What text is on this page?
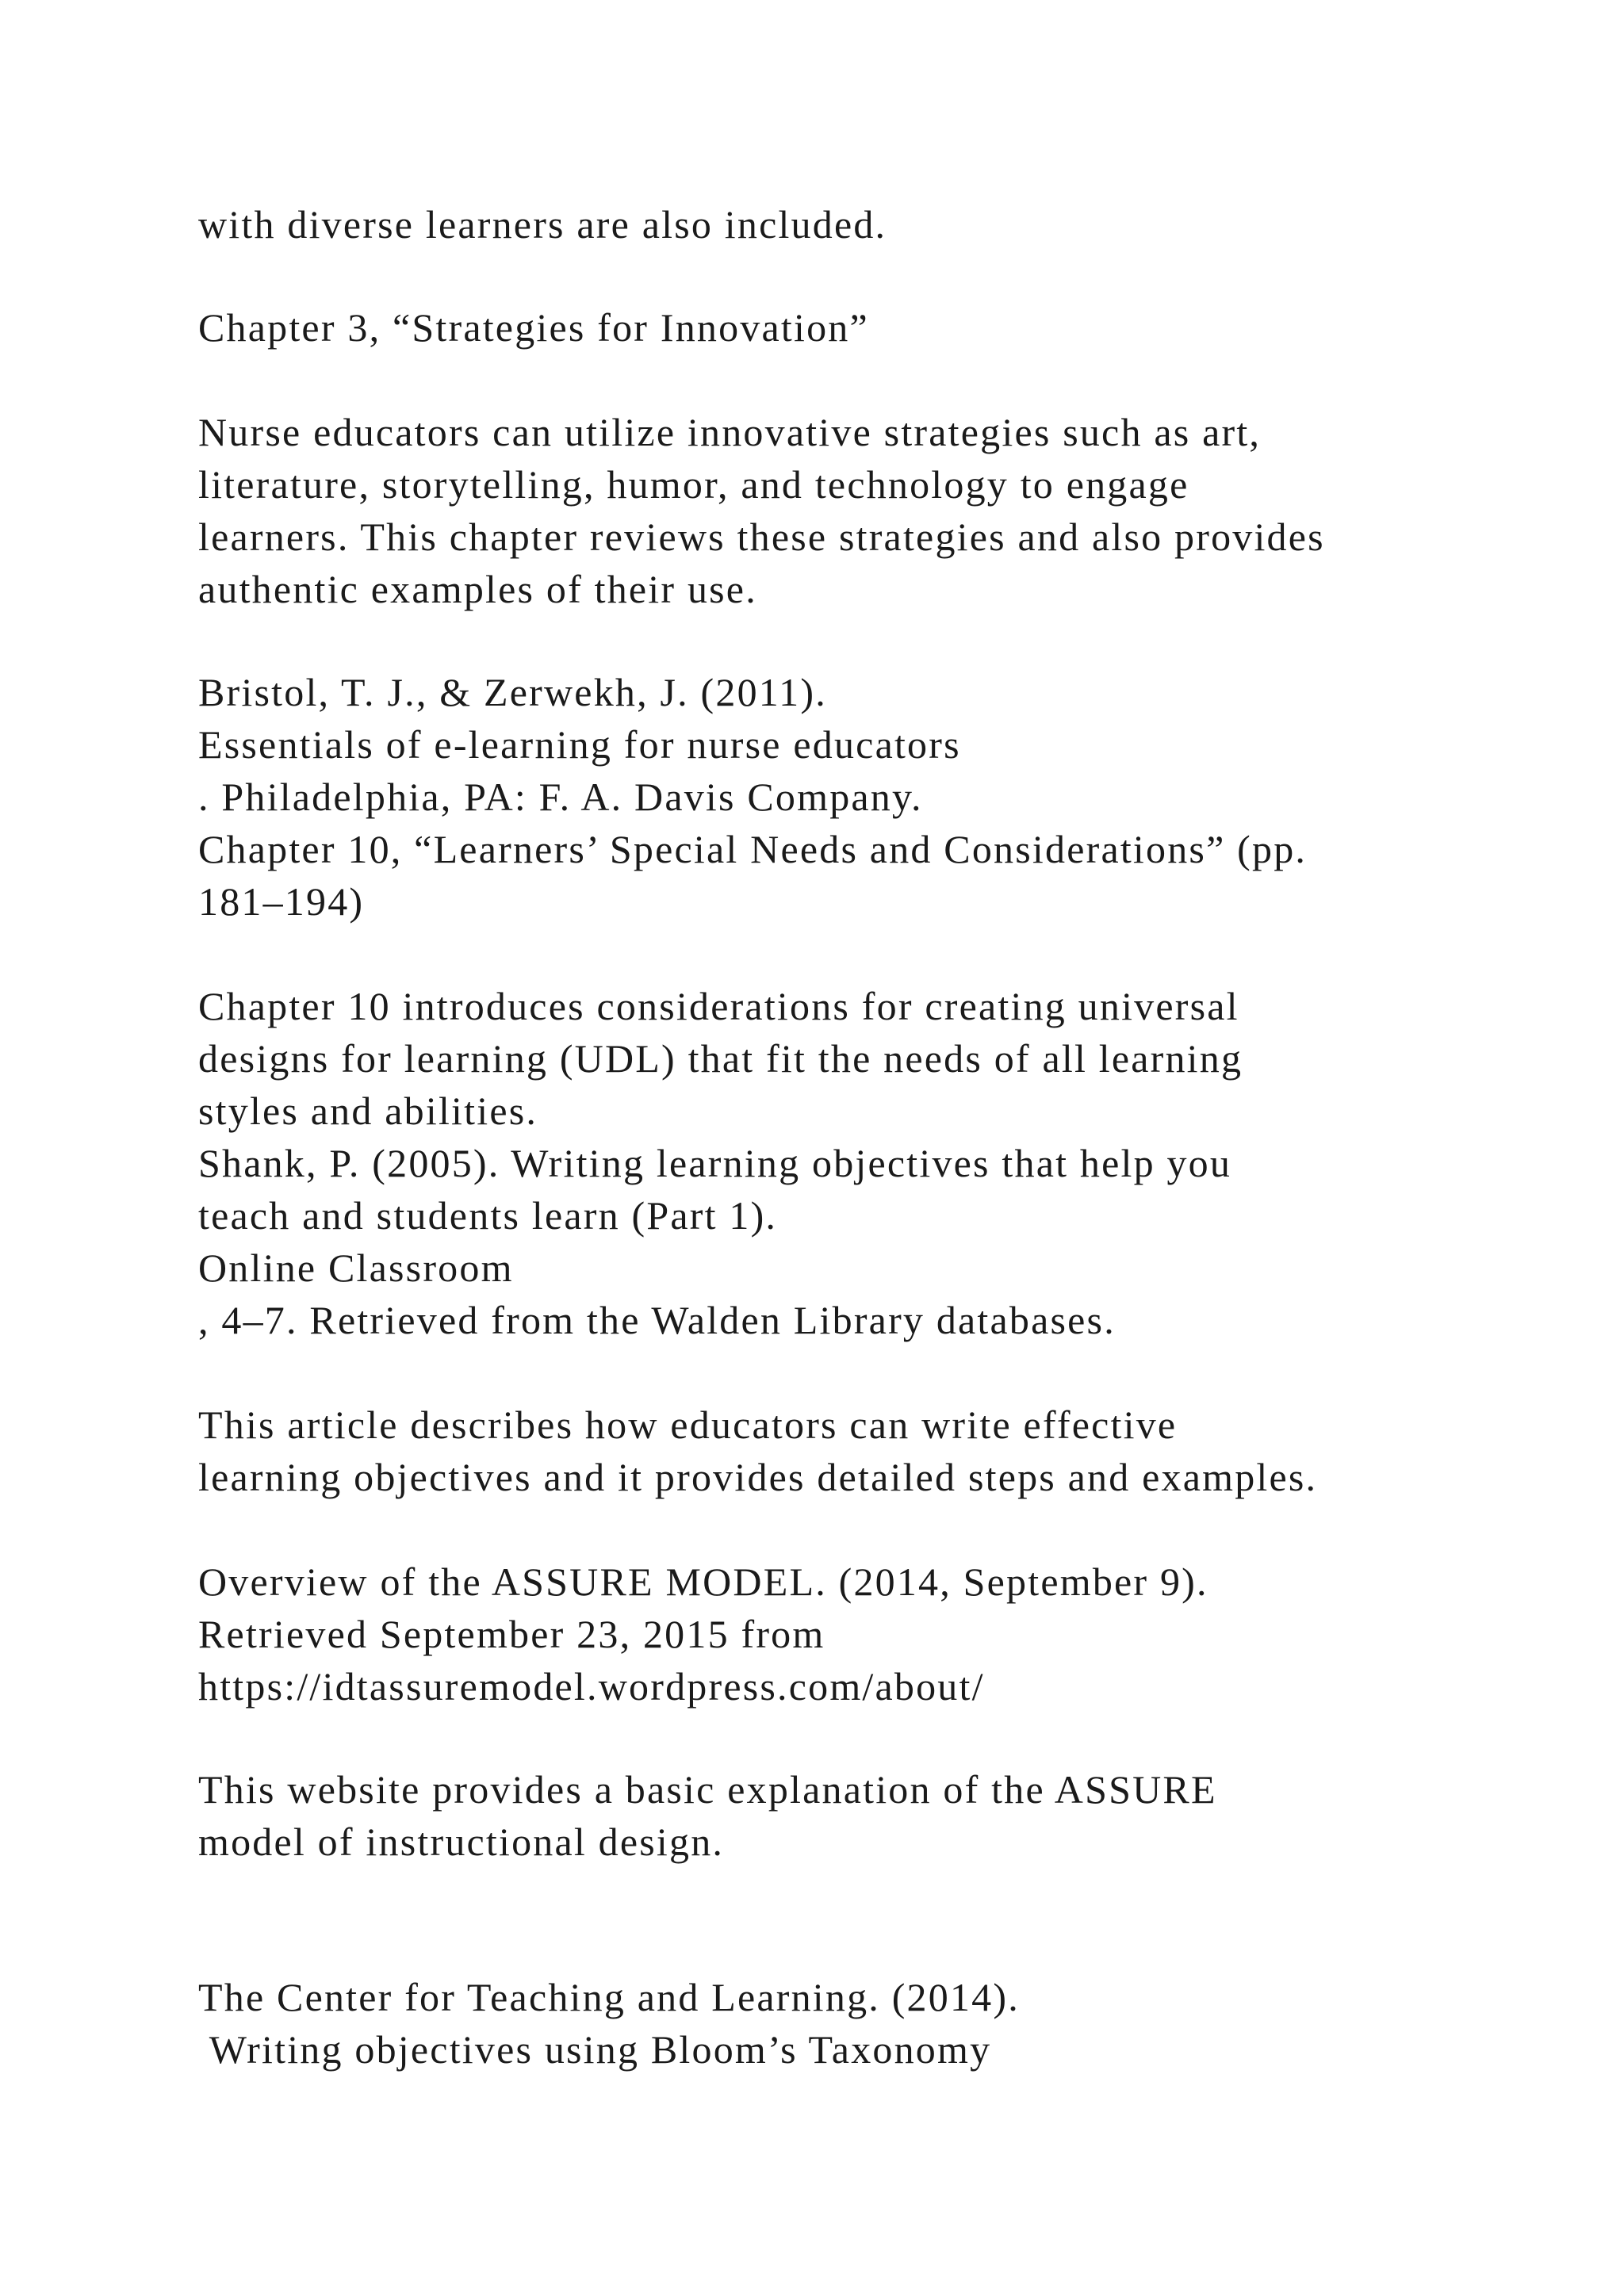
with diverse learners are also included.

Chapter 3, “Strategies for Innovation”

Nurse educators can utilize innovative strategies such as art,

literature, storytelling, humor, and technology to engage

learners. This chapter reviews these strategies and also provides

authentic examples of their use.

Bristol, T. J., & Zerwekh, J. (2011).

Essentials of e-learning for nurse educators

. Philadelphia, PA: F. A. Davis Company.

Chapter 10, “Learners’ Special Needs and Considerations” (pp.

181–194)

Chapter 10 introduces considerations for creating universal

designs for learning (UDL) that fit the needs of all learning

styles and abilities.

Shank, P. (2005). Writing learning objectives that help you

teach and students learn (Part 1).

Online Classroom

, 4–7. Retrieved from the Walden Library databases.

This article describes how educators can write effective

learning objectives and it provides detailed steps and examples.

Overview of the ASSURE MODEL. (2014, September 9).

Retrieved September 23, 2015 from

https://idtassuremodel.wordpress.com/about/

This website provides a basic explanation of the ASSURE

model of instructional design.

The Center for Teaching and Learning. (2014).

Writing objectives using Bloom’s Taxonomy
